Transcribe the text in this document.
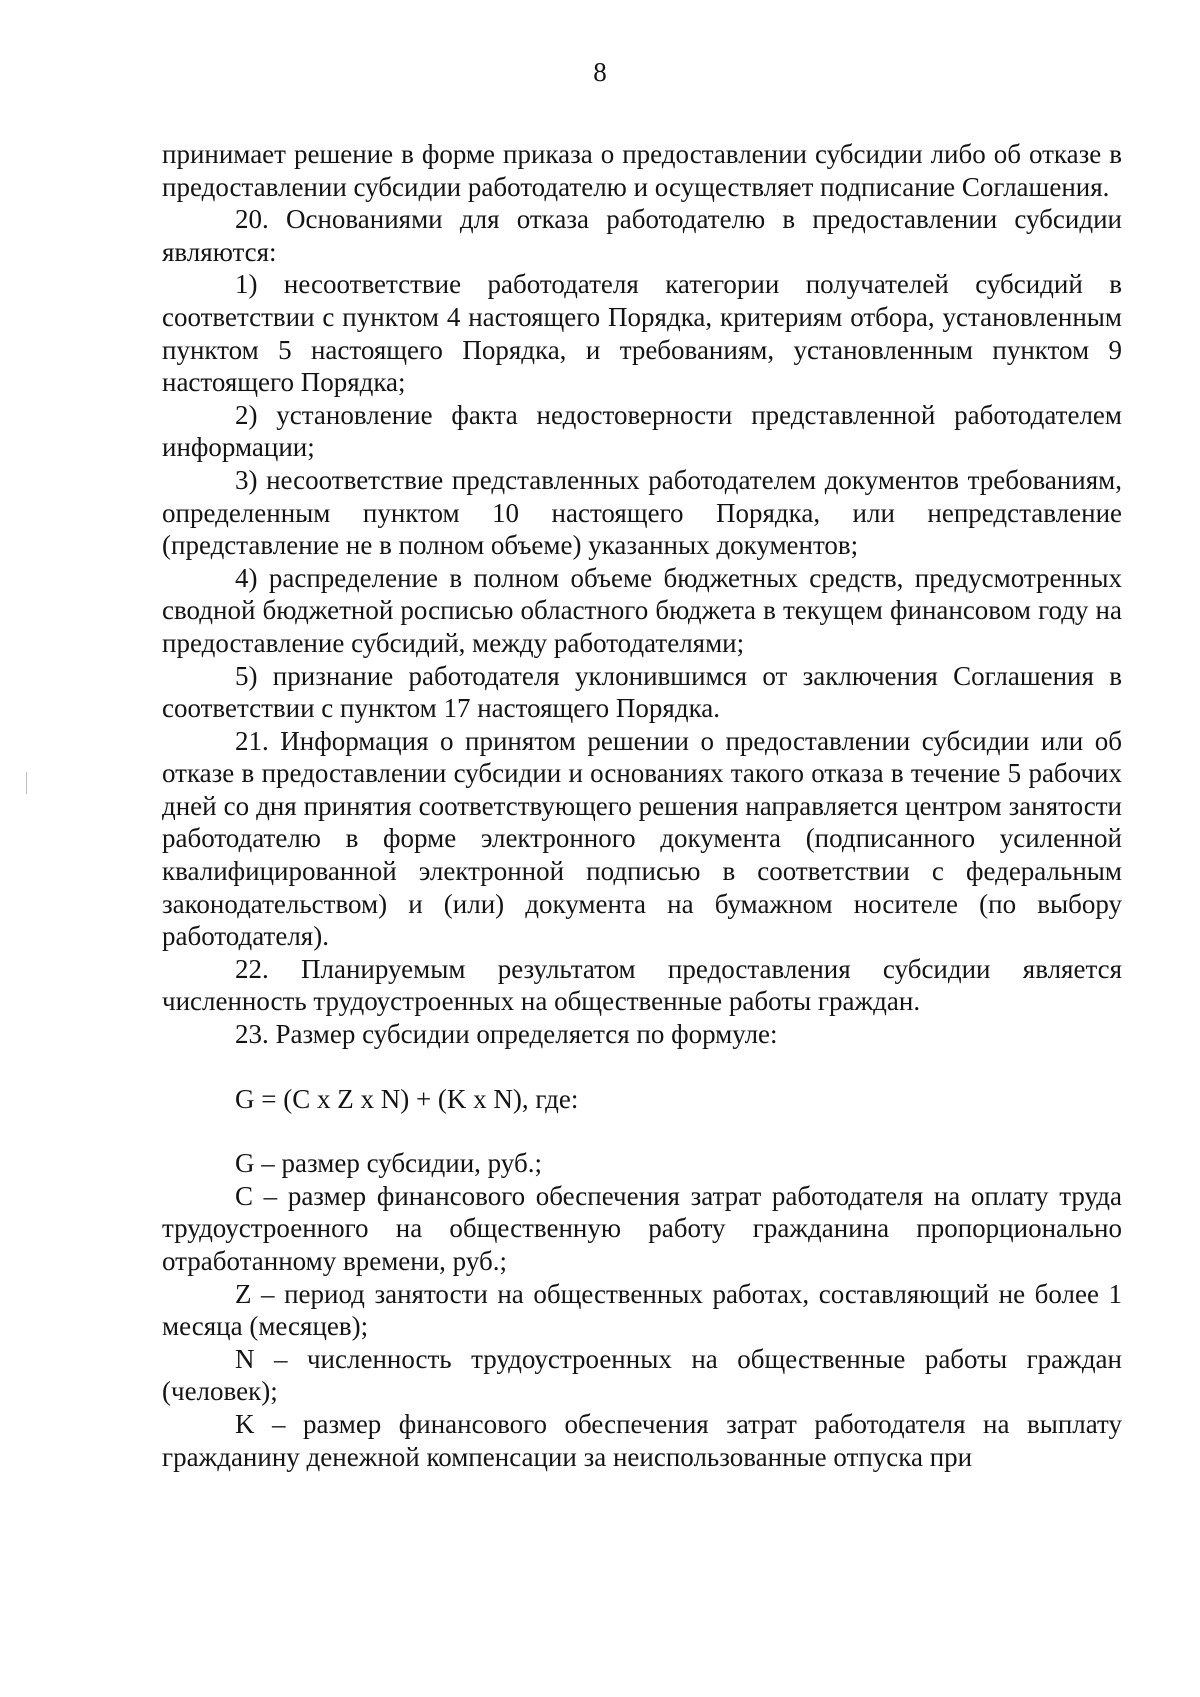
8

принимает решение в форме приказа о предоставлении субсидии либо об отказе в предоставлении субсидии работодателю и осуществляет подписание Соглашения.

20. Основаниями для отказа работодателю в предоставлении субсидии являются:

1) несоответствие работодателя категории получателей субсидий в соответствии с пунктом 4 настоящего Порядка, критериям отбора, установленным пунктом 5 настоящего Порядка, и требованиям, установленным пунктом 9 настоящего Порядка;

2) установление факта недостоверности представленной работодателем информации;

3) несоответствие представленных работодателем документов требованиям, определенным пунктом 10 настоящего Порядка, или непредставление (представление не в полном объеме) указанных документов;

4) распределение в полном объеме бюджетных средств, предусмотренных сводной бюджетной росписью областного бюджета в текущем финансовом году на предоставление субсидий, между работодателями;

5) признание работодателя уклонившимся от заключения Соглашения в соответствии с пунктом 17 настоящего Порядка.

21. Информация о принятом решении о предоставлении субсидии или об отказе в предоставлении субсидии и основаниях такого отказа в течение 5 рабочих дней со дня принятия соответствующего решения направляется центром занятости работодателю в форме электронного документа (подписанного усиленной квалифицированной электронной подписью в соответствии с федеральным законодательством) и (или) документа на бумажном носителе (по выбору работодателя).

22. Планируемым результатом предоставления субсидии является численность трудоустроенных на общественные работы граждан.

23. Размер субсидии определяется по формуле:

G = (C x Z x N) + (K x N), где:

G – размер субсидии, руб.;

C – размер финансового обеспечения затрат работодателя на оплату труда трудоустроенного на общественную работу гражданина пропорционально отработанному времени, руб.;

Z – период занятости на общественных работах, составляющий не более 1 месяца (месяцев);

N – численность трудоустроенных на общественные работы граждан (человек);

K – размер финансового обеспечения затрат работодателя на выплату гражданину денежной компенсации за неиспользованные отпуска при
